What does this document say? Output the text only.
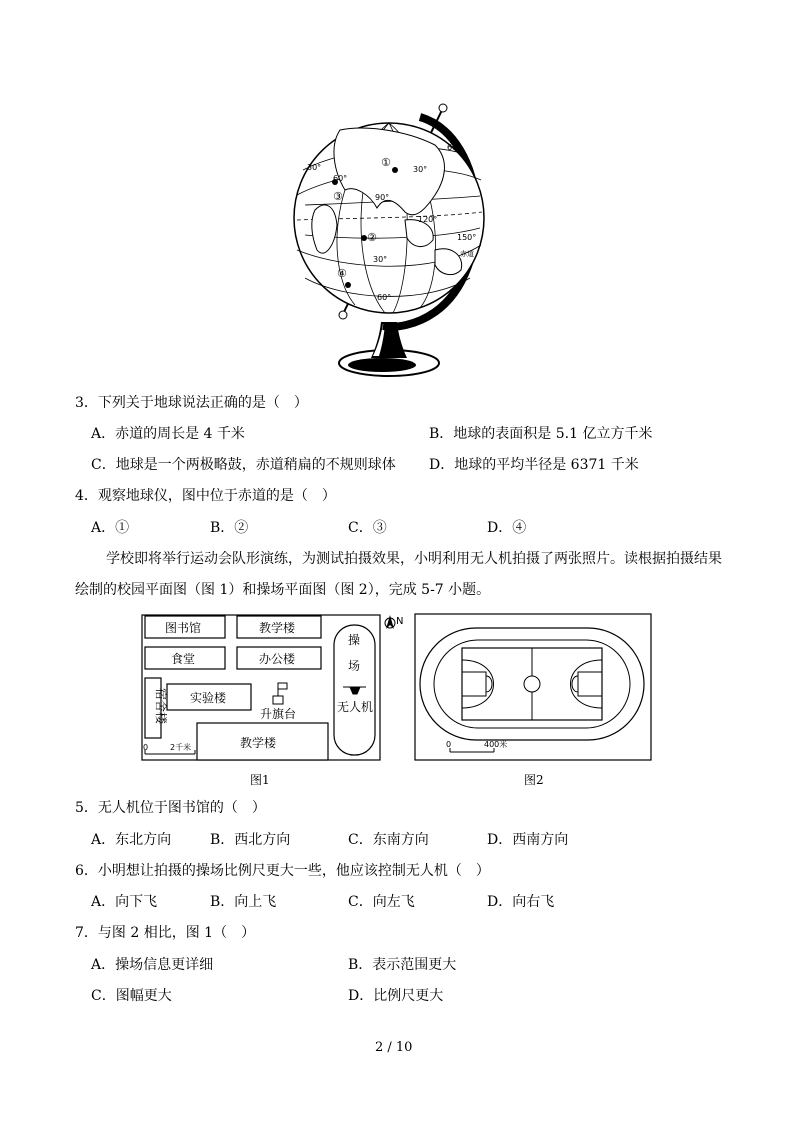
①
②
③
④
30°
60°
30°
60°
90°
120°
150°
赤道
30°
60°
3．下列关于地球说法正确的是（　）
A．赤道的周长是 4 千米	B．地球的表面积是 5.1 亿立方千米
C．地球是一个两极略鼓，赤道稍扁的不规则球体 D．地球的平均半径是 6371 千米
4．观察地球仪，图中位于赤道的是（　）
A．①	B．②	C．③	D．④
学校即将举行运动会队形演练，为测试拍摄效果，小明利用无人机拍摄了两张照片。读根据拍摄结果
绘制的校园平面图（图 1）和操场平面图（图 2），完成 5-7 小题。
图书馆	教学楼
食堂	办公楼
实验楼
升旗台
教学楼
操
场
无人机
N
宿舍楼
0	2千米
图1
0	400米
图2
5．无人机位于图书馆的（　）
A．东北方向	B．西北方向	C．东南方向	D．西南方向
6．小明想让拍摄的操场比例尺更大一些，他应该控制无人机（　）
A．向下飞	B．向上飞	C．向左飞	D．向右飞
7．与图 2 相比，图 1（　）
A．操场信息更详细	B．表示范围更大
C．图幅更大	D．比例尺更大
2 / 10
